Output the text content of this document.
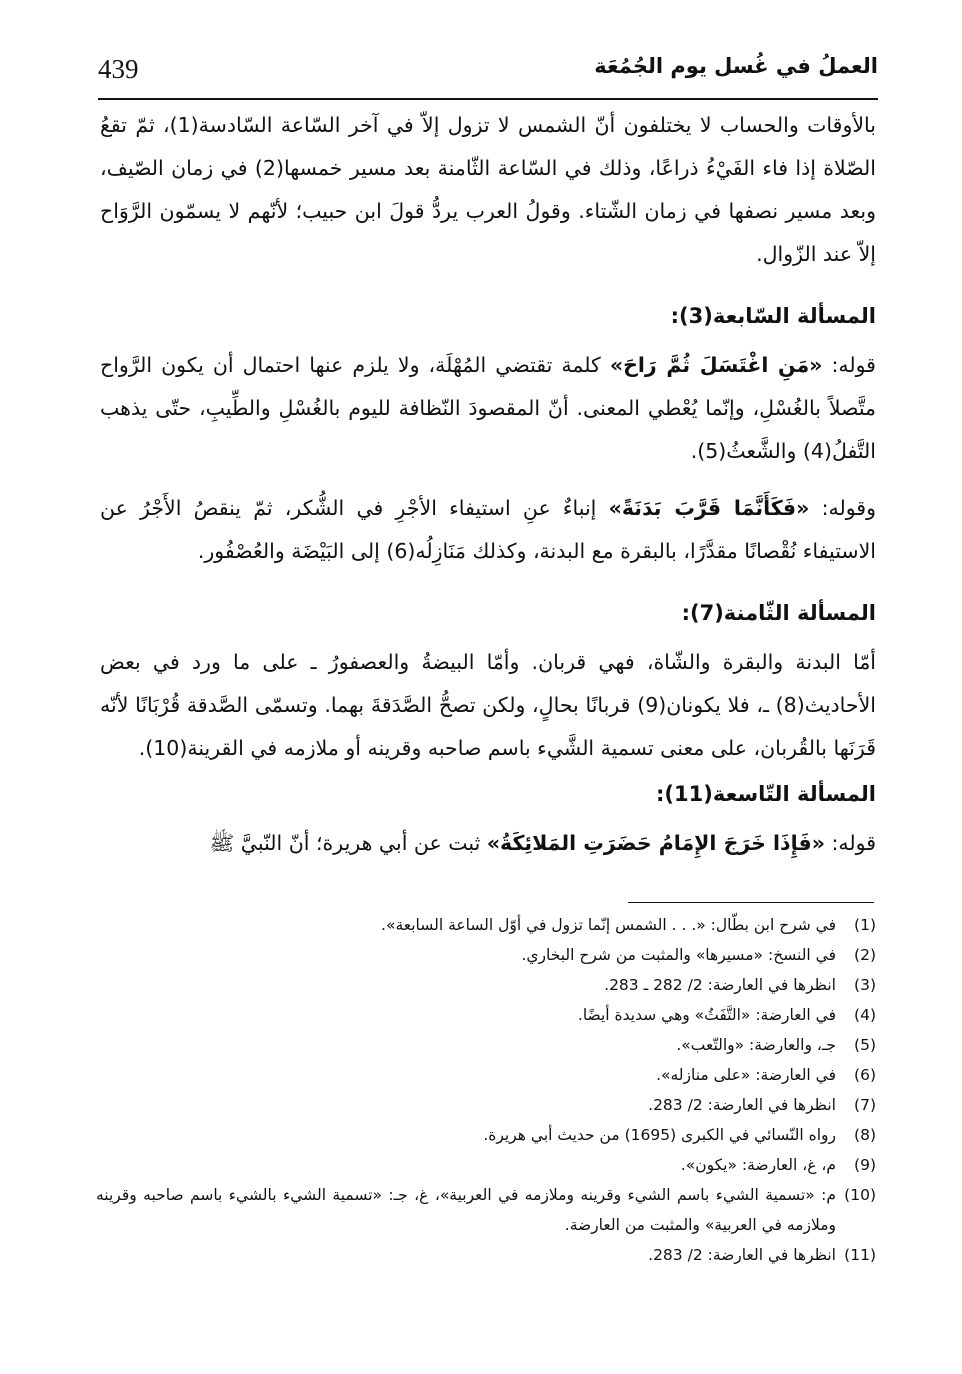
439	العملُ في غُسل يوم الجُمُعَة

بالأوقات والحساب لا يختلفون أنّ الشمس لا تزول إلاّ في آخر السّاعة السّادسة(1)، ثمّ تقعُ الصّلاة إذا فاء الفَيْءُ ذراعًا، وذلك في السّاعة الثّامنة بعد مسير خمسها(2) في زمان الصّيف، وبعد مسير نصفها في زمان الشّتاء. وقولُ العرب يردُّ قولَ ابن حبيب؛ لأنّهم لا يسمّون الرَّوَاح إلاّ عند الزّوال.

المسألة السّابعة(3):

قوله: «مَنِ اغْتَسَلَ ثُمَّ رَاحَ» كلمة تقتضي المُهْلَة، ولا يلزم عنها احتمال أن يكون الرَّواح متَّصلاً بالغُسْلِ، وإنّما يُعْطي المعنى. أنّ المقصودَ النّظافة لليوم بالغُسْلِ والطِّيبِ، حتّى يذهب التَّفلُ(4) والشَّعثُ(5).

وقوله: «فَكَأَنَّمَا قَرَّبَ بَدَنَةً» إنباءٌ عنِ استيفاء الأجْرِ في الشُّكر، ثمّ ينقصُ الأَجْرُ عن الاستيفاء نُقْصانًا مقدَّرًا، بالبقرة مع البدنة، وكذلك مَنَازِلُه(6) إلى البَيْضَة والعُصْفُور.

المسألة الثّامنة(7):

أمّا البدنة والبقرة والشّاة، فهي قربان. وأمّا البيضةُ والعصفورُ ـ على ما ورد في بعض الأحاديث(8) ـ، فلا يكونان(9) قربانًا بحالٍ، ولكن تصحُّ الصَّدَقةَ بهما. وتسمّى الصَّدقة قُرْبَانًا لأنّه قَرَنَها بالقُربان، على معنى تسمية الشَّيء باسم صاحبه وقرينه أو ملازمه في القرينة(10).

المسألة التّاسعة(11):

قوله: «فَإِذَا خَرَجَ الإِمَامُ حَضَرَتِ المَلائِكَةُ» ثبت عن أبي هريرة؛ أنّ النّبيَّ ﷺ

(1)
في شرح ابن بطّال: «. . . الشمس إنّما تزول في أوّل الساعة السابعة».
(2)
في النسخ: «مسيرها» والمثبت من شرح البخاري.
(3)
انظرها في العارضة: 2/ 282 ـ 283.
(4)
في العارضة: «التَّفَثُ» وهي سديدة أيضًا.
(5)
جـ، والعارضة: «والتّعب».
(6)
في العارضة: «على منازله».
(7)
انظرها في العارضة: 2/ 283.
(8)
رواه النّسائي في الكبرى (1695) من حديث أبي هريرة.
(9)
م، غ، العارضة: «يكون».
(10)
م: «تسمية الشيء باسم الشيء وقرينه وملازمه في العربية»، غ، جـ: «تسمية الشيء بالشيء باسم صاحبه وقرينه وملازمه في العربية» والمثبت من العارضة.
(11)
انظرها في العارضة: 2/ 283.
